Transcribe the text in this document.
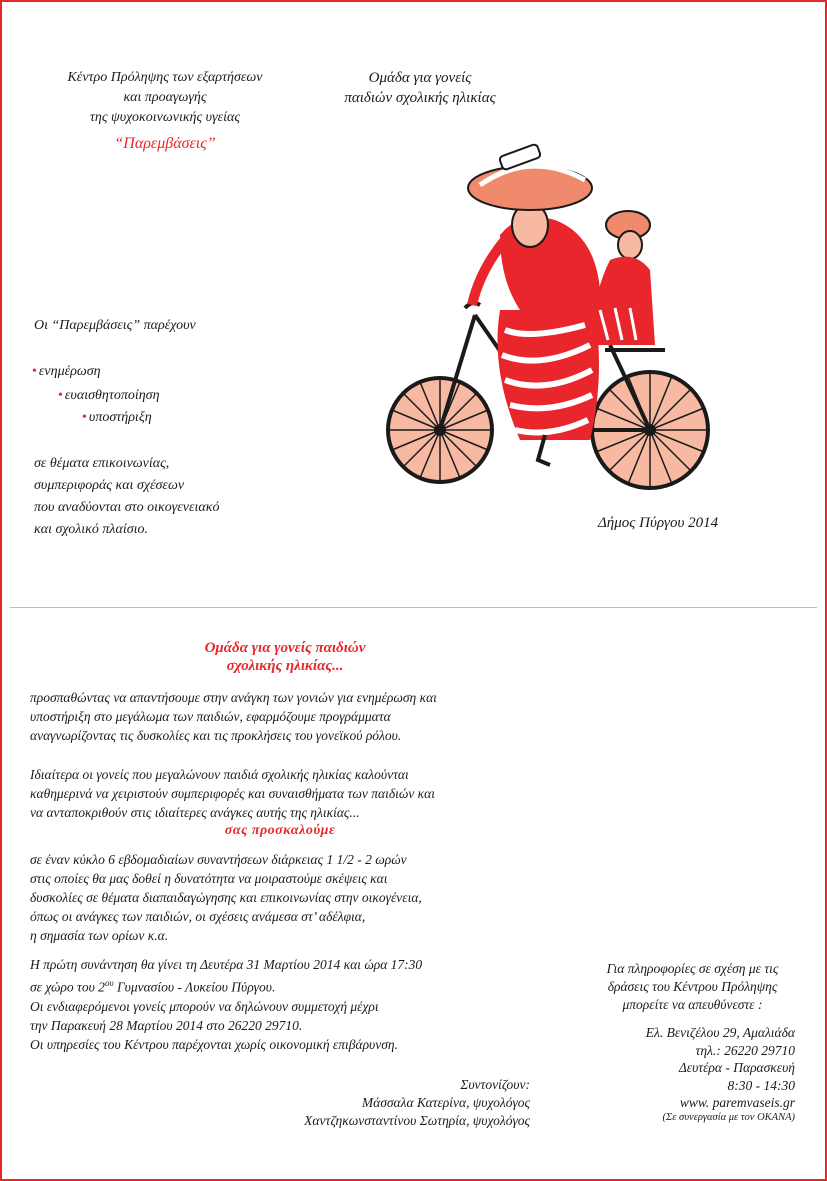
Κέντρο Πρόληψης των εξαρτήσεων
και προαγωγής
της ψυχοκοινωνικής υγείας
“Παρεμβάσεις”
Ομάδα για γονείς
παιδιών σχολικής ηλικίας
Οι “Παρεμβάσεις” παρέχουν
• ενημέρωση
• ευαισθητοποίηση
• υποστήριξη
σε θέματα επικοινωνίας,
συμπεριφοράς και σχέσεων
που αναδύονται στο οικογενειακό
και σχολικό πλαίσιο.	Δήμος Πύργου 2014
Ομάδα για γονείς παιδιών
σχολικής ηλικίας...
προσπαθώντας να απαντήσουμε στην ανάγκη των γονιών για ενημέρωση και
υποστήριξη στο μεγάλωμα των παιδιών, εφαρμόζουμε προγράμματα
αναγνωρίζοντας τις δυσκολίες και τις προκλήσεις του γονεϊκού ρόλου.
Ιδιαίτερα οι γονείς που μεγαλώνουν παιδιά σχολικής ηλικίας καλούνται
καθημερινά να χειριστούν συμπεριφορές και συναισθήματα των παιδιών και
να ανταποκριθούν στις ιδιαίτερες ανάγκες αυτής της ηλικίας...
σας προσκαλούμε
σε έναν κύκλο 6 εβδομαδιαίων συναντήσεων διάρκειας 1 1/2 - 2 ωρών
στις οποίες θα μας δοθεί η δυνατότητα να μοιραστούμε σκέψεις και
δυσκολίες σε θέματα διαπαιδαγώγησης και επικοινωνίας στην οικογένεια,
όπως οι ανάγκες των παιδιών, οι σχέσεις ανάμεσα στ’ αδέλφια,
η σημασία των ορίων κ.α.
Η πρώτη συνάντηση θα γίνει τη Δευτέρα 31 Μαρτίου 2014 και ώρα 17:30
σε χώρο του $2^{o\upsilon}$ Γυμνασίου - Λυκείου Πύργου.
Οι ενδιαφερόμενοι γονείς μπορούν να δηλώνουν συμμετοχή μέχρι
την Παρακευή 28 Μαρτίου 2014 στο 26220 29710.
Οι υπηρεσίες του Κέντρου παρέχονται χωρίς οικονομική επιβάρυνση.
Για πληροφορίες σε σχέση με τις
δράσεις του Κέντρου Πρόληψης
μπορείτε να απευθύνεστε :
Ελ. Βενιζέλου 29, Αμαλιάδα
τηλ.: 26220 29710
Δευτέρα - Παρασκευή
8:30 - 14:30
www. paremvaseis.gr
(Σε συνεργασία με τον ΟΚΑΝΑ)
Συντονίζουν:
Μάσσαλα Κατερίνα, ψυχολόγος
Χαντζηκωνσταντίνου Σωτηρία, ψυχολόγος
